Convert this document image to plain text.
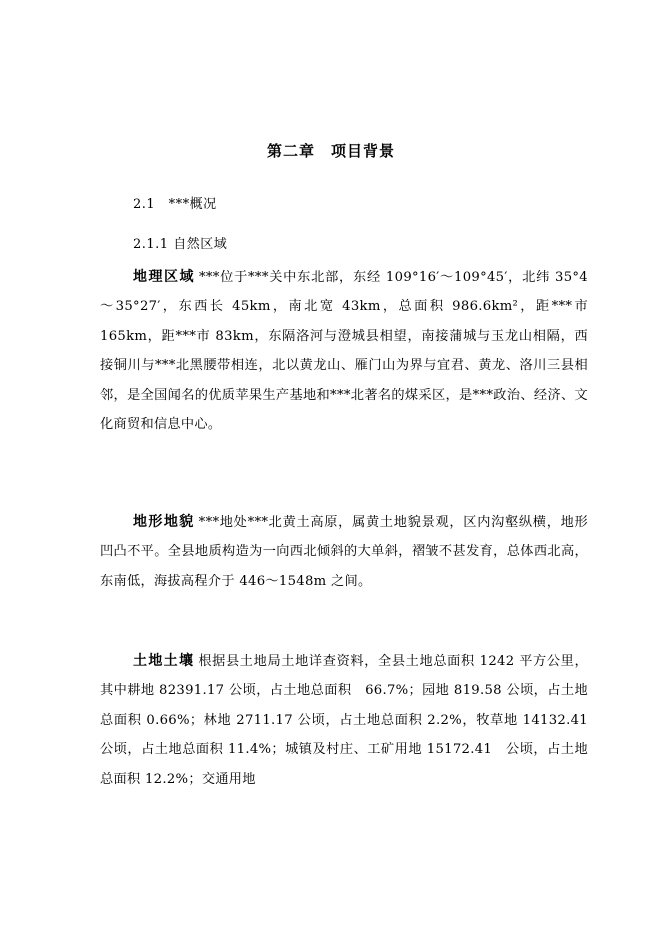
第二章　项目背景
2.1　***概况
2.1.1 自然区域
地理区域 ***位于***关中东北部，东经 109°16′～109°45′，北纬 35°4～35°27′，东西长 45km，南北宽 43km，总面积 986.6km²，距***市 165km，距***市 83km，东隔洛河与澄城县相望，南接蒲城与玉龙山相隔，西接铜川与***北黑腰带相连，北以黄龙山、雁门山为界与宜君、黄龙、洛川三县相邻，是全国闻名的优质苹果生产基地和***北著名的煤采区，是***政治、经济、文化商贸和信息中心。
地形地貌 ***地处***北黄土高原，属黄土地貌景观，区内沟壑纵横，地形凹凸不平。全县地质构造为一向西北倾斜的大单斜，褶皱不甚发育，总体西北高，东南低，海拔高程介于 446～1548m 之间。
土地土壤 根据县土地局土地详查资料，全县土地总面积 1242 平方公里，其中耕地 82391.17 公顷，占土地总面积　66.7%；园地 819.58 公顷，占土地总面积 0.66%；林地 2711.17 公顷，占土地总面积 2.2%，牧草地 14132.41 公顷，占土地总面积 11.4%；城镇及村庄、工矿用地 15172.41　公顷，占土地总面积 12.2%；交通用地
